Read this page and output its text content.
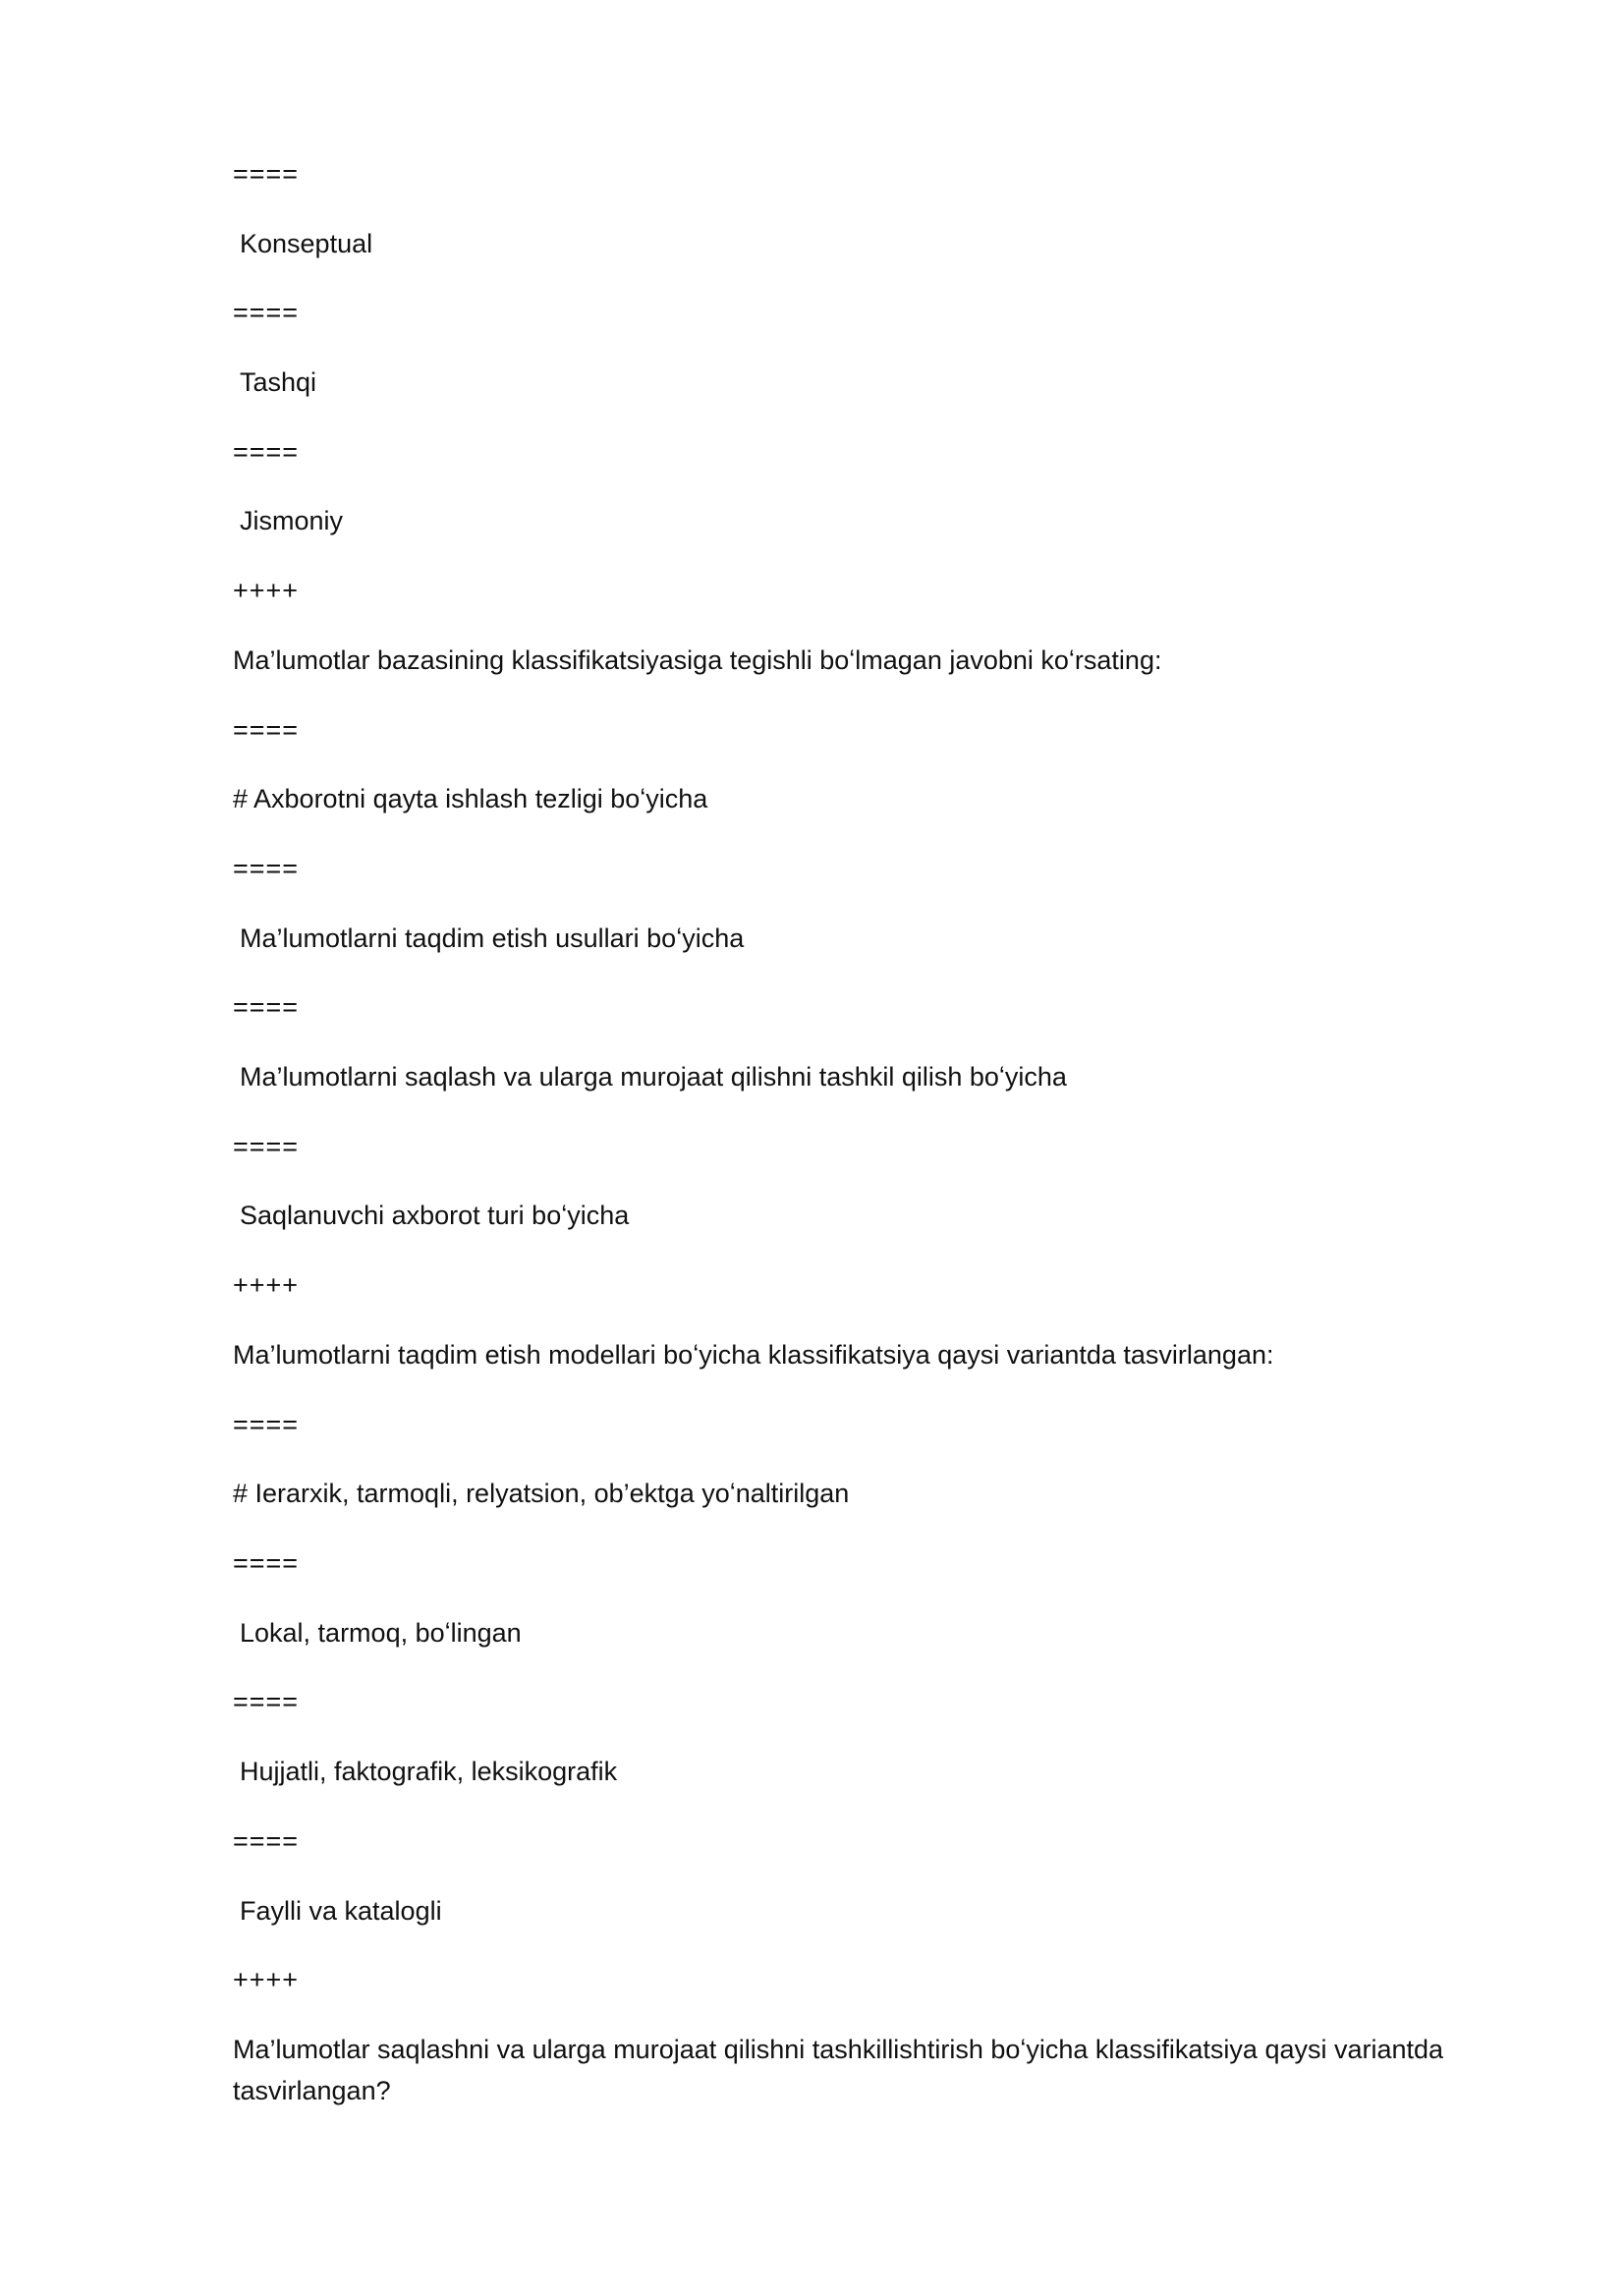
====
Konseptual
====
Tashqi
====
Jismoniy
++++
Ma’lumotlar bazasining klassifikatsiyasiga tegishli boʻlmagan javobni koʻrsating:
====
# Axborotni qayta ishlash tezligi boʻyicha
====
Ma’lumotlarni taqdim etish usullari boʻyicha
====
Ma’lumotlarni saqlash va ularga murojaat qilishni tashkil qilish boʻyicha
====
Saqlanuvchi axborot turi boʻyicha
++++
Ma’lumotlarni taqdim etish modellari boʻyicha klassifikatsiya qaysi variantda tasvirlangan:
====
# Ierarxik, tarmoqli, relyatsion, ob’ektga yoʻnaltirilgan
====
Lokal, tarmoq, boʻlingan
====
Hujjatli, faktografik, leksikografik
====
Faylli va katalogli
++++
Ma’lumotlar saqlashni va ularga murojaat qilishni tashkillishtirish boʻyicha klassifikatsiya qaysi variantda
tasvirlangan?
